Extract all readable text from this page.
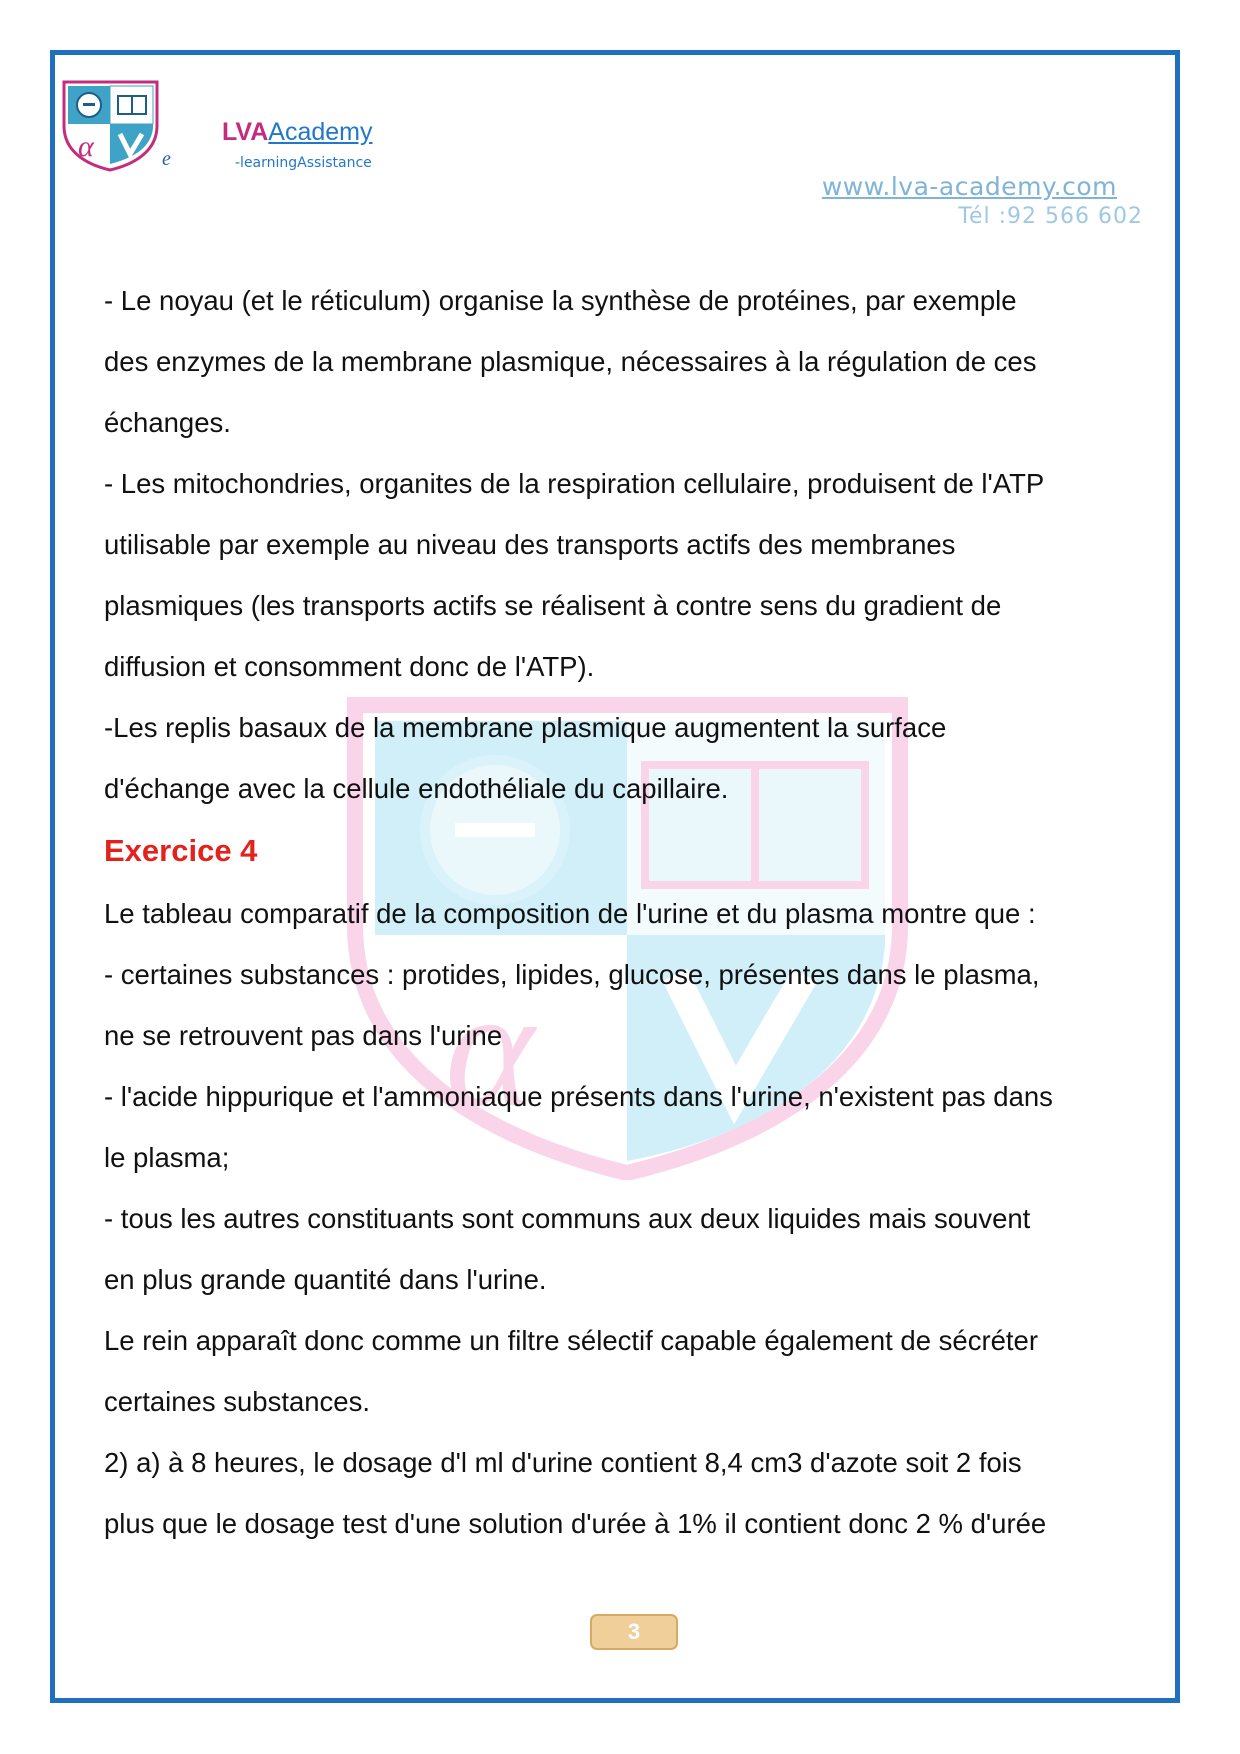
α	e
LVAAcademy
-learningAssistance
www.lva-academy.com
Tél :92 566 602
α

- Le noyau (et le réticulum) organise la synthèse de protéines, par exemple

des enzymes de la membrane plasmique, nécessaires à la régulation de ces

échanges.

- Les mitochondries, organites de la respiration cellulaire, produisent de l'ATP

utilisable par exemple au niveau des transports actifs des membranes

plasmiques (les transports actifs se réalisent à contre sens du gradient de

diffusion et consomment donc de l'ATP).

-Les replis basaux de la membrane plasmique augmentent la surface

d'échange avec la cellule endothéliale du capillaire.

Exercice 4

Le tableau comparatif de la composition de l'urine et du plasma montre que :

- certaines substances : protides, lipides, glucose, présentes dans le plasma,

ne se retrouvent pas dans l'urine

- l'acide hippurique et l'ammoniaque présents dans l'urine, n'existent pas dans

le plasma;

- tous les autres constituants sont communs aux deux liquides mais souvent

en plus grande quantité dans l'urine.

Le rein apparaît donc comme un filtre sélectif capable également de sécréter

certaines substances.

2) a) à 8 heures, le dosage d'l ml d'urine contient 8,4 cm3 d'azote soit 2 fois

plus que le dosage test d'une solution d'urée à 1% il contient donc 2 % d'urée

3
